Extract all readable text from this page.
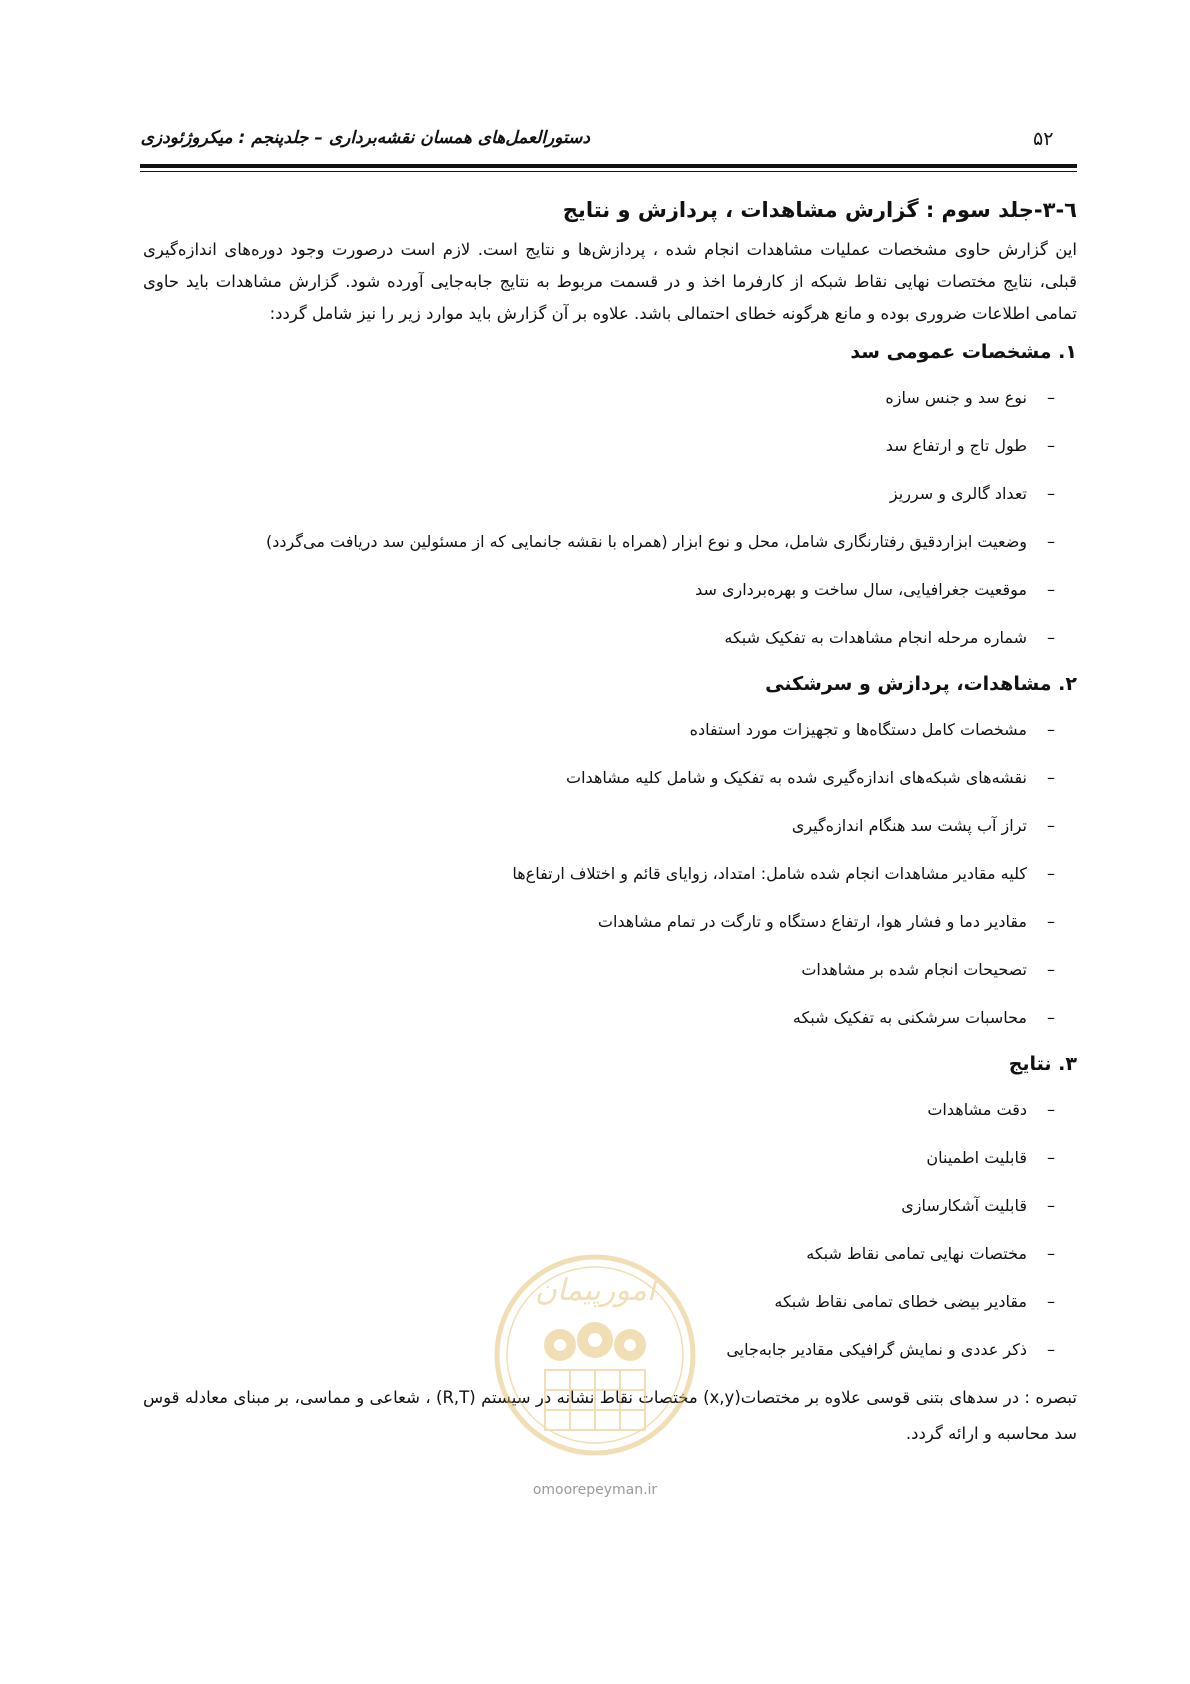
۵۲
دستورالعمل‌های همسان نقشه‌برداری – جلدپنجم : میکروژئودزی
٦-٣-جلد سوم : گزارش مشاهدات ، پردازش و نتایج

این گزارش حاوی مشخصات عملیات مشاهدات انجام شده ، پردازش‌ها و نتایج است. لازم است درصورت وجود دوره‌های اندازه‌گیری قبلی، نتایج مختصات نهایی نقاط شبکه از کارفرما اخذ و در قسمت مربوط به نتایج جابه‌جایی آورده شود. گزارش مشاهدات باید حاوی تمامی اطلاعات ضروری بوده و مانع هرگونه خطای احتمالی باشد. علاوه بر آن گزارش باید موارد زیر را نیز شامل گردد:

۱. مشخصات عمومی سد
–نوع سد و جنس سازه
–طول تاج و ارتفاع سد
–تعداد گالری و سرریز
–وضعیت ابزاردقیق رفتارنگاری شامل، محل و نوع ابزار (همراه با نقشه جانمایی که از مسئولین سد دریافت می‌گردد)
–موقعیت جغرافیایی، سال ساخت و بهره‌برداری سد
–شماره مرحله انجام مشاهدات به تفکیک شبکه
۲. مشاهدات، پردازش و سرشکنی
–مشخصات کامل دستگاه‌ها و تجهیزات مورد استفاده
–نقشه‌های شبکه‌های اندازه‌گیری شده به تفکیک و شامل کلیه مشاهدات
–تراز آب پشت سد هنگام اندازه‌گیری
–کلیه مقادیر مشاهدات انجام شده شامل: امتداد، زوایای قائم و اختلاف ارتفاع‌ها
–مقادیر دما و فشار هوا، ارتفاع دستگاه و تارگت در تمام مشاهدات
–تصحیحات انجام شده بر مشاهدات
–محاسبات سرشکنی به تفکیک شبکه
۳. نتایج
–دقت مشاهدات
–قابلیت اطمینان
–قابلیت آشکارسازی
–مختصات نهایی تمامی نقاط شبکه
–مقادیر بیضی خطای تمامی نقاط شبکه
–ذکر عددی و نمایش گرافیکی مقادیر جابه‌جایی

تبصره : در سدهای بتنی قوسی علاوه بر مختصات(x,y) مختصات نقاط نشانه در سیستم (R,T) ، شعاعی و مماسی، بر مبنای معادله قوس سد محاسبه و ارائه گردد.

امورپیمان
omoorepeyman.ir
